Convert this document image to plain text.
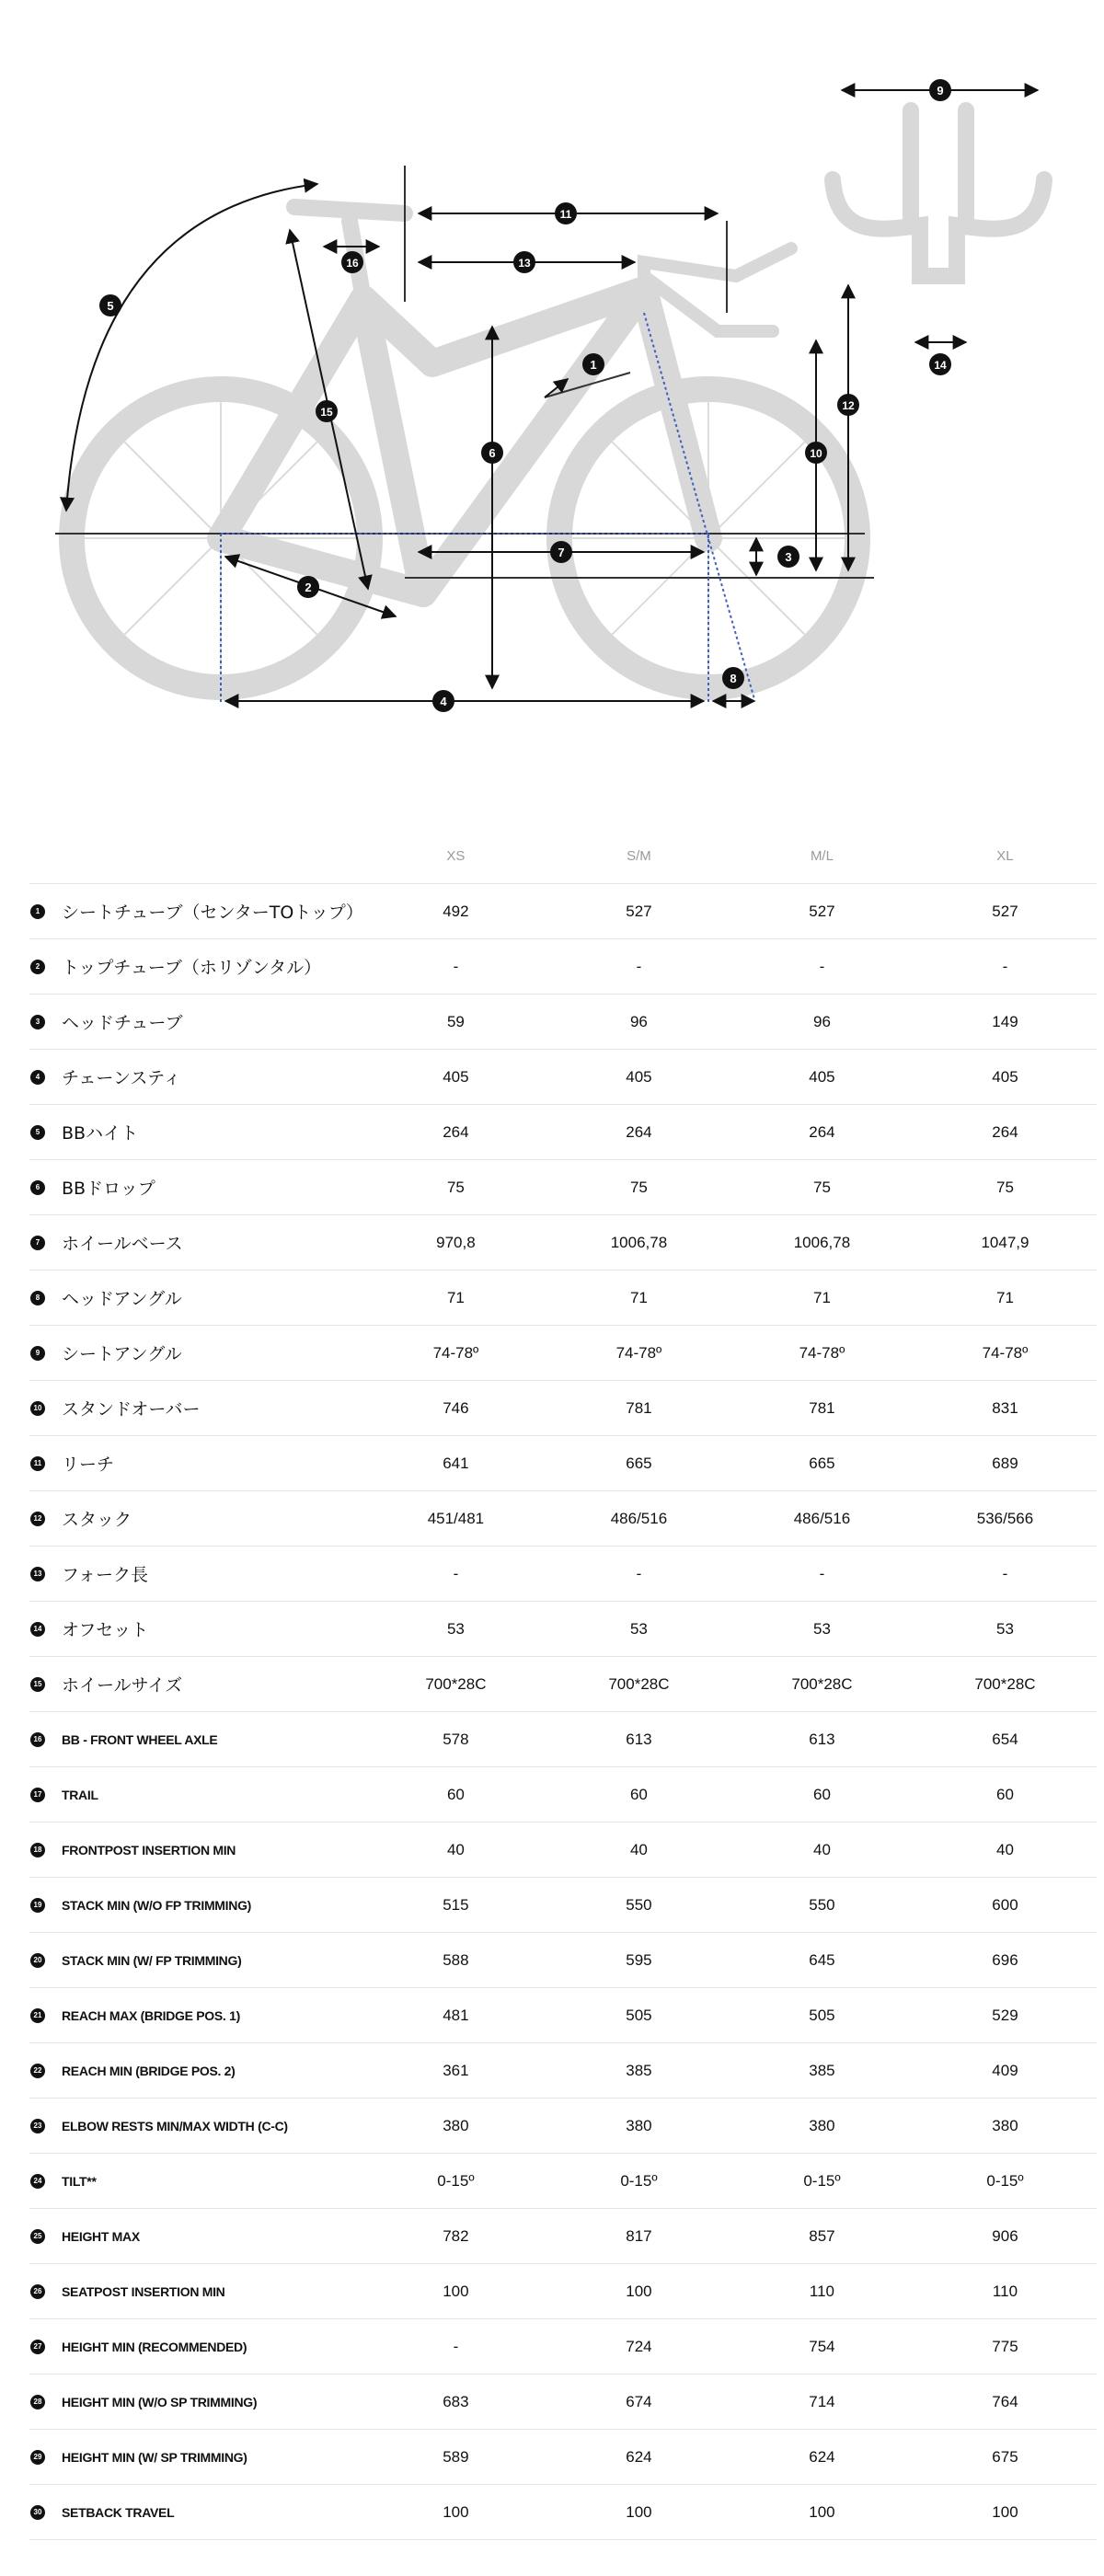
1
2
3
4
5
6
7
8
9
10
11
12
13
14
15
16
	XS	S/M	M/L	XL
1 シートチューブ（センターTOトップ）	492	527	527	527
2 トップチューブ（ホリゾンタル）	-	-	-	-
3 ヘッドチューブ	59	96	96	149
4 チェーンスティ	405	405	405	405
5 BBハイト	264	264	264	264
6 BBドロップ	75	75	75	75
7 ホイールベース	970,8	1006,78	1006,78	1047,9
8 ヘッドアングル	71	71	71	71
9 シートアングル	74-78º	74-78º	74-78º	74-78º
10 スタンドオーバー	746	781	781	831
11 リーチ	641	665	665	689
12 スタック	451/481	486/516	486/516	536/566
13 フォーク長	-	-	-	-
14 オフセット	53	53	53	53
15 ホイールサイズ	700*28C	700*28C	700*28C	700*28C
16 BB - FRONT WHEEL AXLE	578	613	613	654
17 TRAIL	60	60	60	60
18 FRONTPOST INSERTION MIN	40	40	40	40
19 STACK MIN (W/O FP TRIMMING)	515	550	550	600
20 STACK MIN (W/ FP TRIMMING)	588	595	645	696
21 REACH MAX (BRIDGE POS. 1)	481	505	505	529
22 REACH MIN (BRIDGE POS. 2)	361	385	385	409
23 ELBOW RESTS MIN/MAX WIDTH (C-C)	380	380	380	380
24 TILT**	0-15º	0-15º	0-15º	0-15º
25 HEIGHT MAX	782	817	857	906
26 SEATPOST INSERTION MIN	100	100	110	110
27 HEIGHT MIN (RECOMMENDED)	-	724	754	775
28 HEIGHT MIN (W/O SP TRIMMING)	683	674	714	764
29 HEIGHT MIN (W/ SP TRIMMING)	589	624	624	675
30 SETBACK TRAVEL	100	100	100	100
